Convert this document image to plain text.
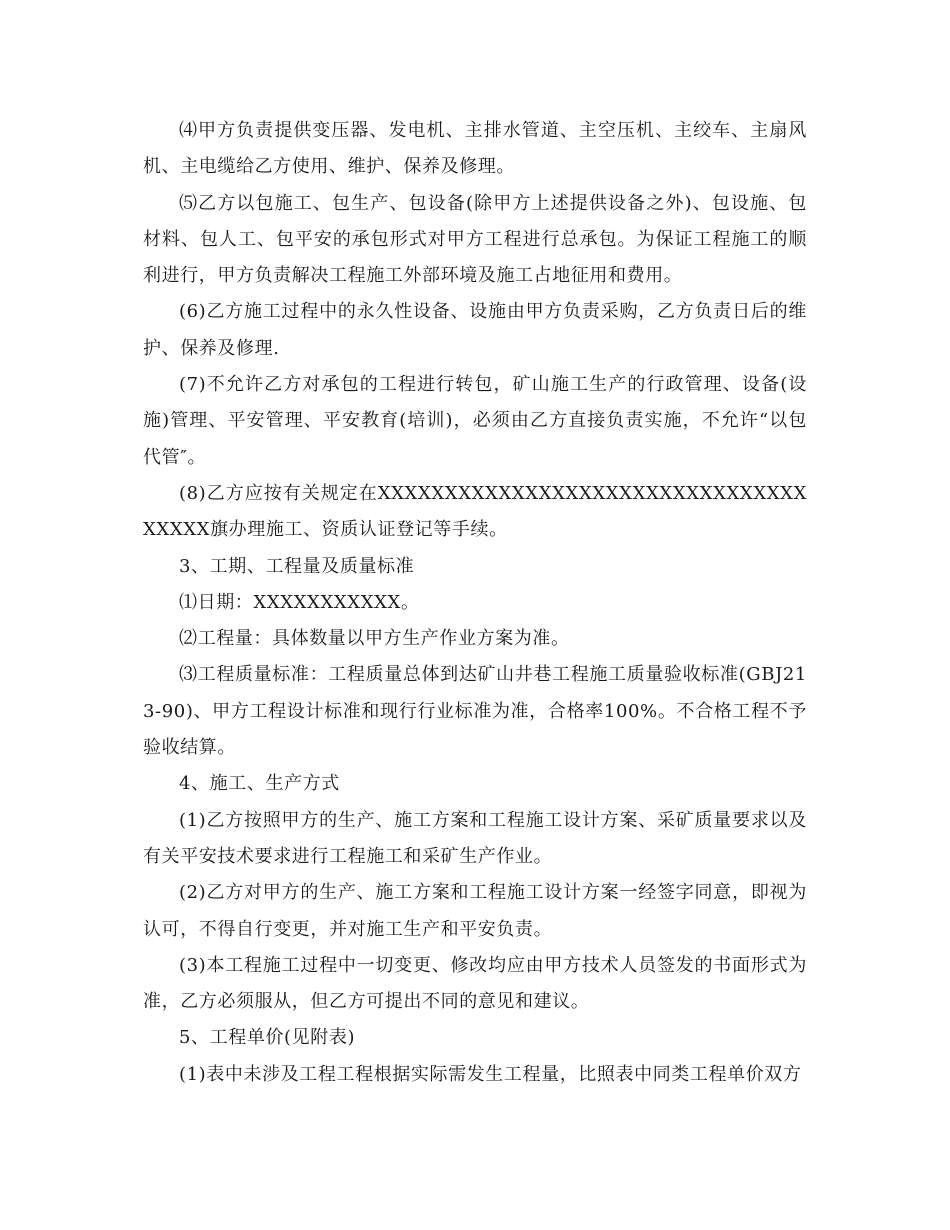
⑷甲方负责提供变压器、发电机、主排水管道、主空压机、主绞车、主扇风机、主电缆给乙方使用、维护、保养及修理。

⑸乙方以包施工、包生产、包设备(除甲方上述提供设备之外)、包设施、包材料、包人工、包平安的承包形式对甲方工程进行总承包。为保证工程施工的顺利进行，甲方负责解决工程施工外部环境及施工占地征用和费用。

(6)乙方施工过程中的永久性设备、设施由甲方负责采购，乙方负责日后的维护、保养及修理.

(7)不允许乙方对承包的工程进行转包，矿山施工生产的行政管理、设备(设施)管理、平安管理、平安教育(培训)，必须由乙方直接负责实施，不允许“以包代管″。

(8)乙方应按有关规定在XXXXXXXXXXXXXXXXXXXXXXXXXXXXXXXXXXXXX旗办理施工、资质认证登记等手续。

3、工期、工程量及质量标准

⑴日期：XXXXXXXXXXX。

⑵工程量：具体数量以甲方生产作业方案为准。

⑶工程质量标准：工程质量总体到达矿山井巷工程施工质量验收标准(GBJ213-90)、甲方工程设计标准和现行行业标准为准，合格率100%。不合格工程不予验收结算。

4、施工、生产方式

(1)乙方按照甲方的生产、施工方案和工程施工设计方案、采矿质量要求以及有关平安技术要求进行工程施工和采矿生产作业。

(2)乙方对甲方的生产、施工方案和工程施工设计方案一经签字同意，即视为认可，不得自行变更，并对施工生产和平安负责。

(3)本工程施工过程中一切变更、修改均应由甲方技术人员签发的书面形式为准，乙方必须服从，但乙方可提出不同的意见和建议。

5、工程单价(见附表)

(1)表中未涉及工程工程根据实际需发生工程量，比照表中同类工程单价双方
